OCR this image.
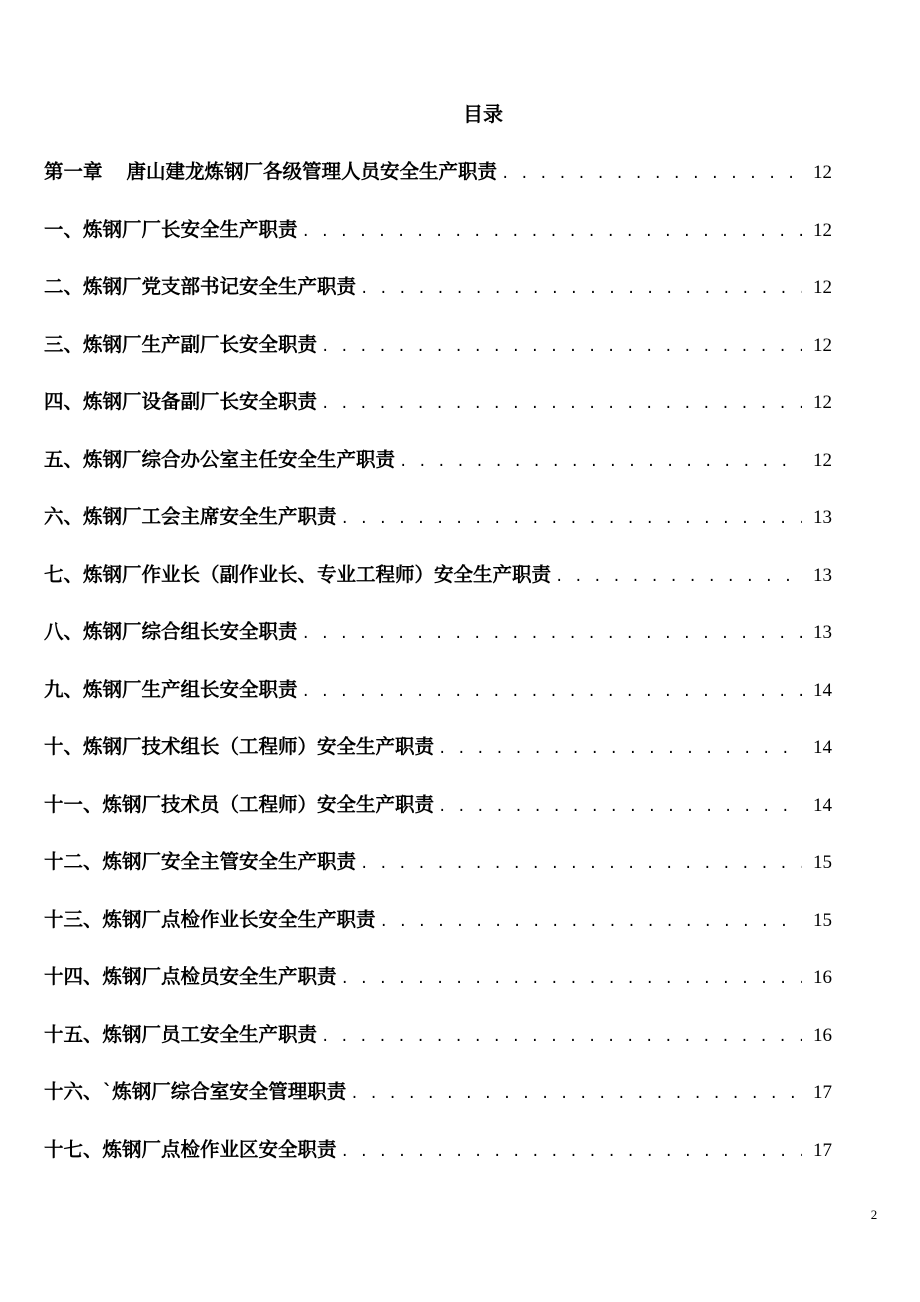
目录
第一章 唐山建龙炼钢厂各级管理人员安全生产职责 . . .	12
一、炼钢厂厂长安全生产职责 . . .	12
二、炼钢厂党支部书记安全生产职责 . . .	12
三、炼钢厂生产副厂长安全职责 . . .	12
四、炼钢厂设备副厂长安全职责 . . .	12
五、炼钢厂综合办公室主任安全生产职责 . . .	12
六、炼钢厂工会主席安全生产职责 . . .	13
七、炼钢厂作业长（副作业长、专业工程师）安全生产职责 . . .	13
八、炼钢厂综合组长安全职责 . . .	13
九、炼钢厂生产组长安全职责 . . .	14
十、炼钢厂技术组长（工程师）安全生产职责 . . .	14
十一、炼钢厂技术员（工程师）安全生产职责 . . .	14
十二、炼钢厂安全主管安全生产职责 . . .	15
十三、炼钢厂点检作业长安全生产职责 . . .	15
十四、炼钢厂点检员安全生产职责 . . .	16
十五、炼钢厂员工安全生产职责 . . .	16
十六、`炼钢厂综合室安全管理职责 . . .	17
十七、炼钢厂点检作业区安全职责 . . .	17
2
